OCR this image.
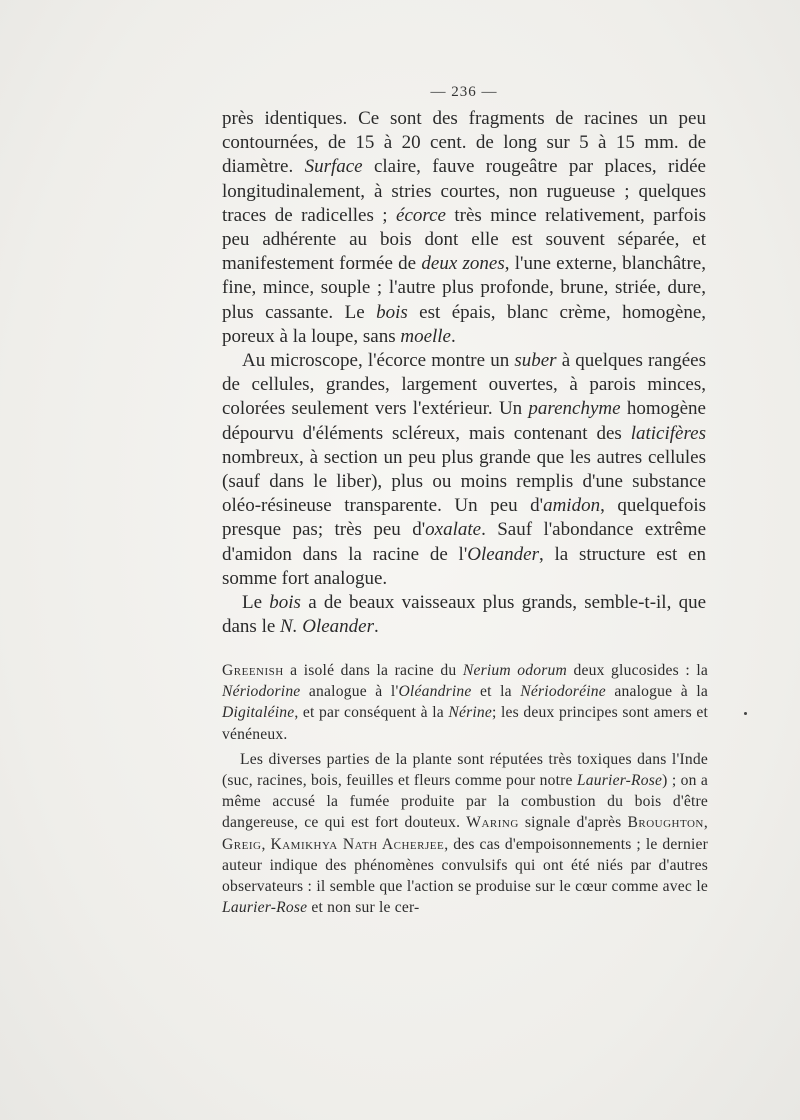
— 236 —

près identiques. Ce sont des fragments de racines un peu contournées, de 15 à 20 cent. de long sur 5 à 15 mm. de diamètre. Surface claire, fauve rougeâtre par places, ridée longitudinalement, à stries courtes, non rugueuse ; quelques traces de radicelles ; écorce très mince relativement, parfois peu adhérente au bois dont elle est souvent séparée, et manifestement formée de deux zones, l'une externe, blanchâtre, fine, mince, souple ; l'autre plus profonde, brune, striée, dure, plus cassante. Le bois est épais, blanc crème, homogène, poreux à la loupe, sans moelle.

Au microscope, l'écorce montre un suber à quelques rangées de cellules, grandes, largement ouvertes, à parois minces, colorées seulement vers l'extérieur. Un parenchyme homogène dépourvu d'éléments scléreux, mais contenant des laticifères nombreux, à section un peu plus grande que les autres cellules (sauf dans le liber), plus ou moins remplis d'une substance oléo-résineuse transparente. Un peu d'amidon, quelquefois presque pas; très peu d'oxalate. Sauf l'abondance extrême d'amidon dans la racine de l'Oleander, la structure est en somme fort analogue.

Le bois a de beaux vaisseaux plus grands, semble-t-il, que dans le N. Oleander.

Greenish a isolé dans la racine du Nerium odorum deux glucosides : la Nériodorine analogue à l'Oléandrine et la Nériodoréine analogue à la Digitaléine, et par conséquent à la Nérine; les deux principes sont amers et vénéneux.

Les diverses parties de la plante sont réputées très toxiques dans l'Inde (suc, racines, bois, feuilles et fleurs comme pour notre Laurier-Rose) ; on a même accusé la fumée produite par la combustion du bois d'être dangereuse, ce qui est fort douteux. Waring signale d'après Broughton, Greig, Kamikhya Nath Acherjee, des cas d'empoisonnements ; le dernier auteur indique des phénomènes convulsifs qui ont été niés par d'autres observateurs : il semble que l'action se produise sur le cœur comme avec le Laurier-Rose et non sur le cer-
